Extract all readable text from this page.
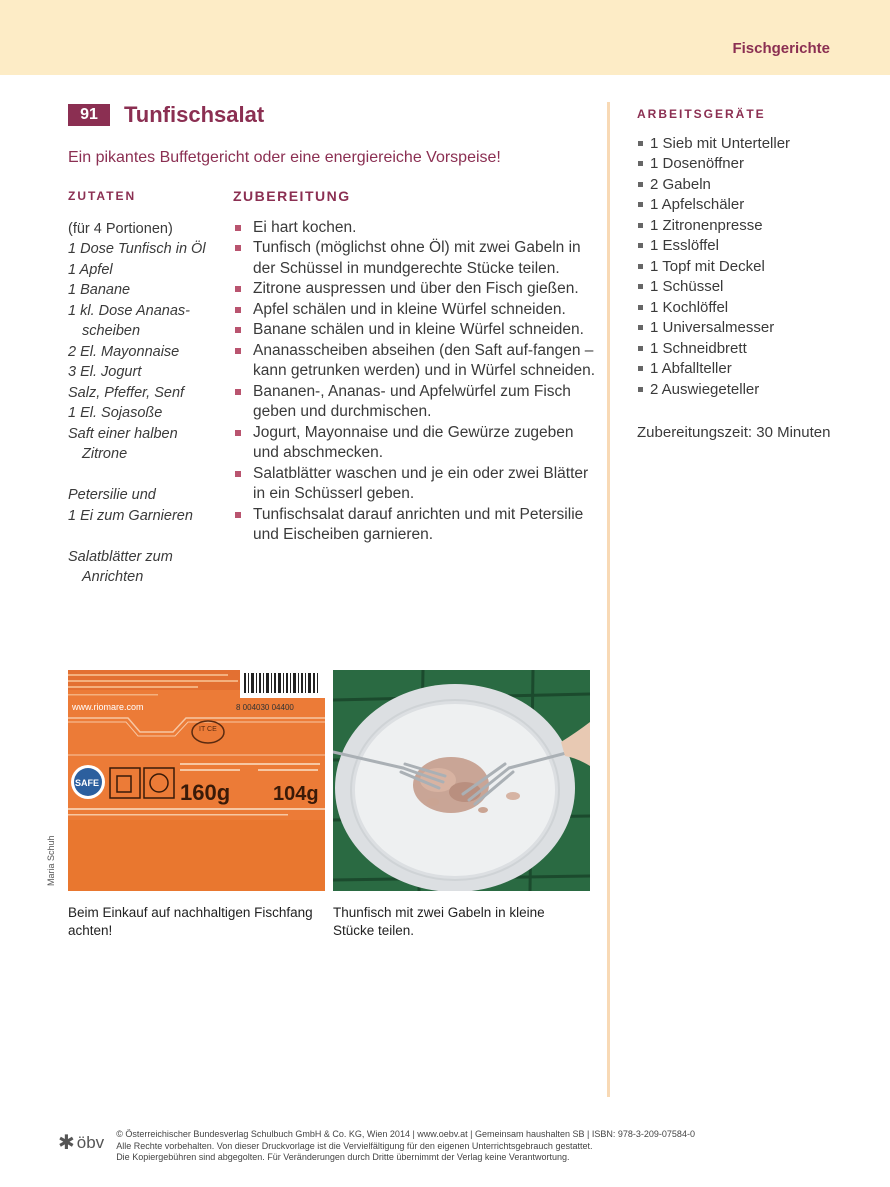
Fischgerichte
91	Tunfischsalat
Ein pikantes Buffetgericht oder eine energiereiche Vorspeise!
ZUTATEN
(für 4 Portionen)
1 Dose Tunfisch in Öl
1 Apfel
1 Banane
1 kl. Dose Ananas-
scheiben
2 El. Mayonnaise
3 El. Jogurt
Salz, Pfeffer, Senf
1 El. Sojasoße
Saft einer halben
Zitrone
Petersilie und
1 Ei zum Garnieren
Salatblätter zum
Anrichten
ZUBEREITUNG
Ei hart kochen.
Tunfisch (möglichst ohne Öl) mit zwei Gabeln in der Schüssel in mundgerechte Stücke teilen.
Zitrone auspressen und über den Fisch gießen.
Apfel schälen und in kleine Würfel schneiden.
Banane schälen und in kleine Würfel schneiden.
Ananasscheiben abseihen (den Saft auf-fangen – kann getrunken werden) und in Würfel schneiden.
Bananen-, Ananas- und Apfelwürfel zum Fisch geben und durchmischen.
Jogurt, Mayonnaise und die Gewürze zugeben und abschmecken.
Salatblätter waschen und je ein oder zwei Blätter in ein Schüsserl geben.
Tunfischsalat darauf anrichten und mit Petersilie und Eischeiben garnieren.
ARBEITSGERÄTE
1 Sieb mit Unterteller
1 Dosenöffner
2 Gabeln
1 Apfelschäler
1 Zitronenpresse
1 Esslöffel
1 Topf mit Deckel
1 Schüssel
1 Kochlöffel
1 Universalmesser
1 Schneidbrett
1 Abfallteller
2 Auswiegeteller
Zubereitungszeit: 30 Minuten
Maria Schuh
8 004030 04400
www.riomare.com
IT CE
SAFE	160g 104g
Beim Einkauf auf nachhaltigen Fischfang achten!
Thunfisch mit zwei Gabeln in kleine Stücke teilen.
✱ öbv © Österreichischer Bundesverlag Schulbuch GmbH & Co. KG, Wien 2014 | www.oebv.at | Gemeinsam haushalten SB | ISBN: 978-3-209-07584-0
Alle Rechte vorbehalten. Von dieser Druckvorlage ist die Vervielfältigung für den eigenen Unterrichtsgebrauch gestattet.
Die Kopiergebühren sind abgegolten. Für Veränderungen durch Dritte übernimmt der Verlag keine Verantwortung.
